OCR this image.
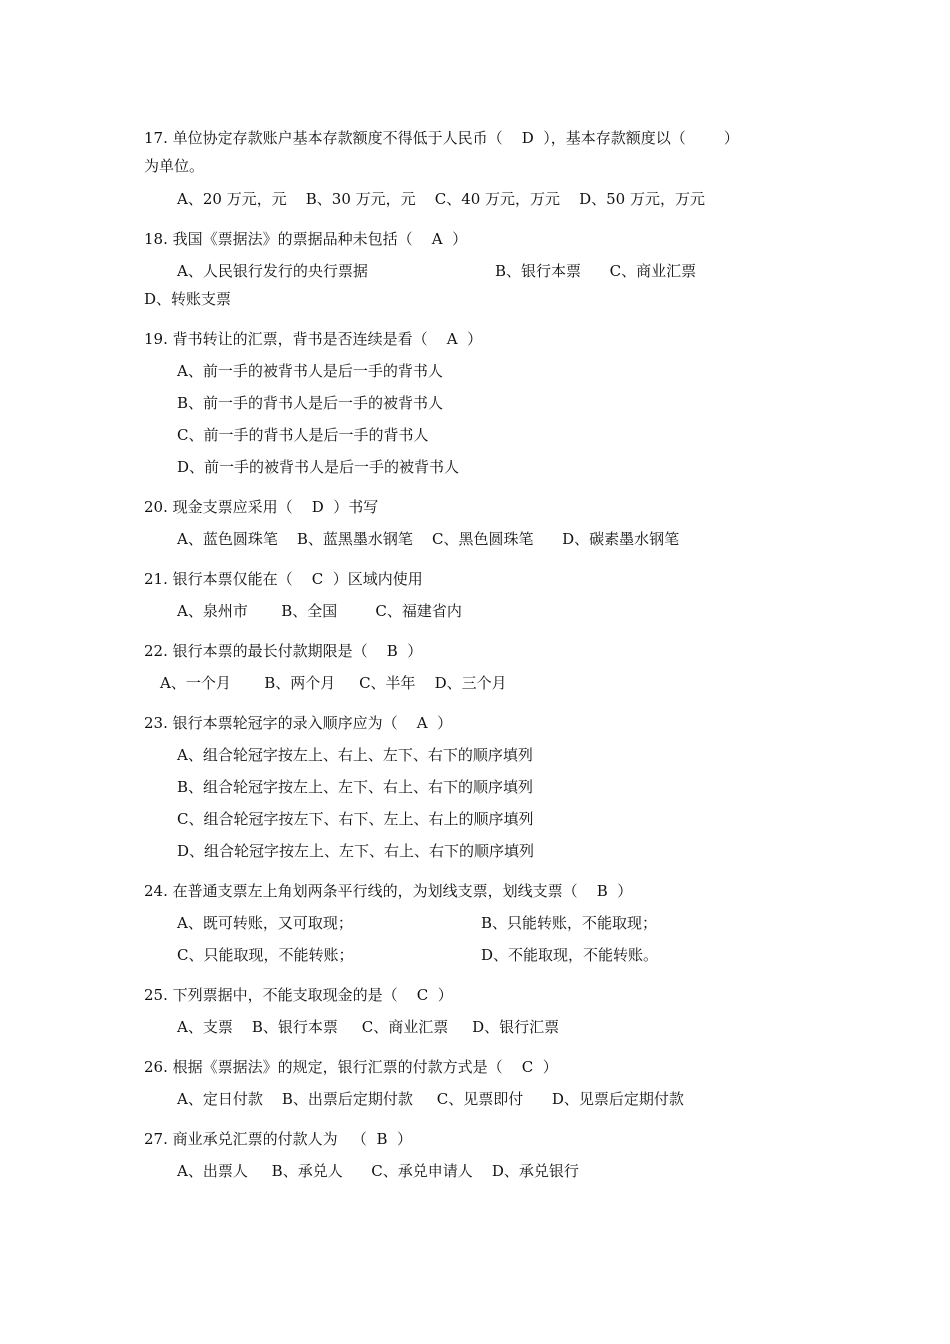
17. 单位协定存款账户基本存款额度不得低于人民币（    D  ），基本存款额度以（        ）
为单位。
A、20 万元，元    B、30 万元，元    C、40 万元，万元    D、50 万元，万元
18. 我国《票据法》的票据品种未包括（    A  ）
A、人民银行发行的央行票据	B、银行本票      C、商业汇票
D、转账支票
19. 背书转让的汇票，背书是否连续是看（    A  ）
A、前一手的被背书人是后一手的背书人
B、前一手的背书人是后一手的被背书人
C、前一手的背书人是后一手的背书人
D、前一手的被背书人是后一手的被背书人
20. 现金支票应采用（    D  ）书写
A、蓝色圆珠笔    B、蓝黑墨水钢笔    C、黑色圆珠笔      D、碳素墨水钢笔
21. 银行本票仅能在（    C  ）区域内使用
A、泉州市       B、全国        C、福建省内
22. 银行本票的最长付款期限是（    B  ）
A、一个月       B、两个月     C、半年    D、三个月
23. 银行本票轮冠字的录入顺序应为（    A  ）
A、组合轮冠字按左上、右上、左下、右下的顺序填列
B、组合轮冠字按左上、左下、右上、右下的顺序填列
C、组合轮冠字按左下、右下、左上、右上的顺序填列
D、组合轮冠字按左上、左下、右上、右下的顺序填列
24. 在普通支票左上角划两条平行线的，为划线支票，划线支票（    B  ）
A、既可转账，又可取现；	B、只能转账，不能取现；
C、只能取现，不能转账；	D、不能取现，不能转账。
25. 下列票据中，不能支取现金的是（    C  ）
A、支票    B、银行本票     C、商业汇票     D、银行汇票
26. 根据《票据法》的规定，银行汇票的付款方式是（    C  ）
A、定日付款    B、出票后定期付款     C、见票即付      D、见票后定期付款
27. 商业承兑汇票的付款人为   （  B  ）
A、出票人     B、承兑人      C、承兑申请人    D、承兑银行
